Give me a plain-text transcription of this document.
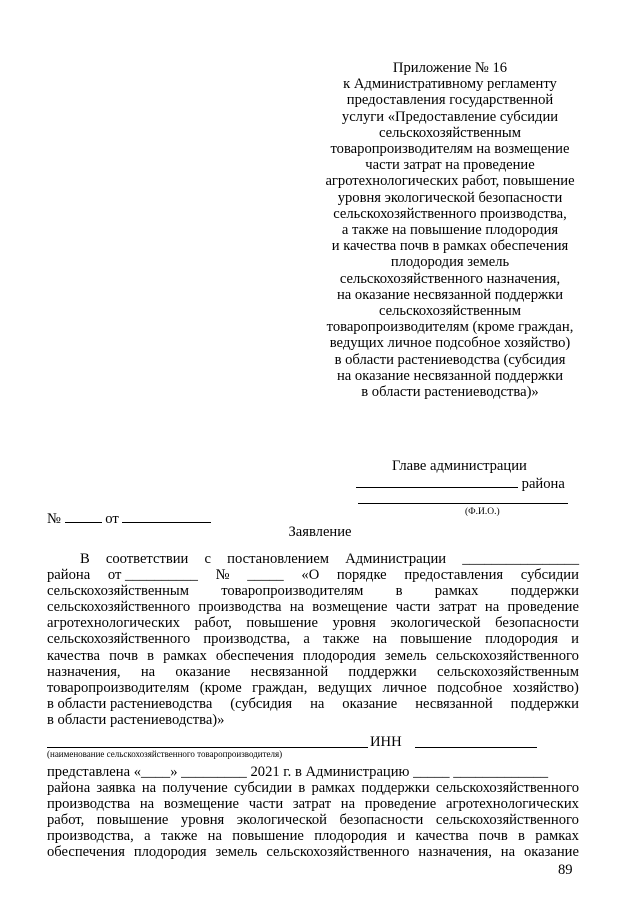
Приложение № 16
к Административному регламенту
предоставления государственной
услуги «Предоставление субсидии
сельскохозяйственным
товаропроизводителям на возмещение
части затрат на проведение
агротехнологических работ, повышение
уровня экологической безопасности
сельскохозяйственного производства,
а также на повышение плодородия
и качества почв в рамках обеспечения
плодородия земель
сельскохозяйственного назначения,
на оказание несвязанной поддержки
сельскохозяйственным
товаропроизводителям (кроме граждан,
ведущих личное подсобное хозяйство)
в области растениеводства (субсидия
на оказание несвязанной поддержки
в области растениеводства)»
Главе администрации
района
(Ф.И.О.)
№	от
Заявление
В соответствии с постановлением Администрации ________________
района от __________ № _____ «О порядке предоставления субсидии
сельскохозяйственным товаропроизводителям в рамках поддержки
сельскохозяйственного производства на возмещение части затрат на проведение
агротехнологических работ, повышение уровня экологической безопасности
сельскохозяйственного производства, а также на повышение плодородия и
качества почв в рамках обеспечения плодородия земель сельскохозяйственного
назначения, на оказание несвязанной поддержки сельскохозяйственным
товаропроизводителям (кроме граждан, ведущих личное подсобное хозяйство)
в области растениеводства (субсидия на оказание несвязанной поддержки
в области растениеводства)»
ИНН
(наименование сельскохозяйственного товаропроизводителя)
представлена «____» _________ 2021 г. в Администрацию _____ _____________
района заявка на получение субсидии в рамках поддержки сельскохозяйственного
производства на возмещение части затрат на проведение агротехнологических
работ, повышение уровня экологической безопасности сельскохозяйственного
производства, а также на повышение плодородия и качества почв в рамках
обеспечения плодородия земель сельскохозяйственного назначения, на оказание
89
